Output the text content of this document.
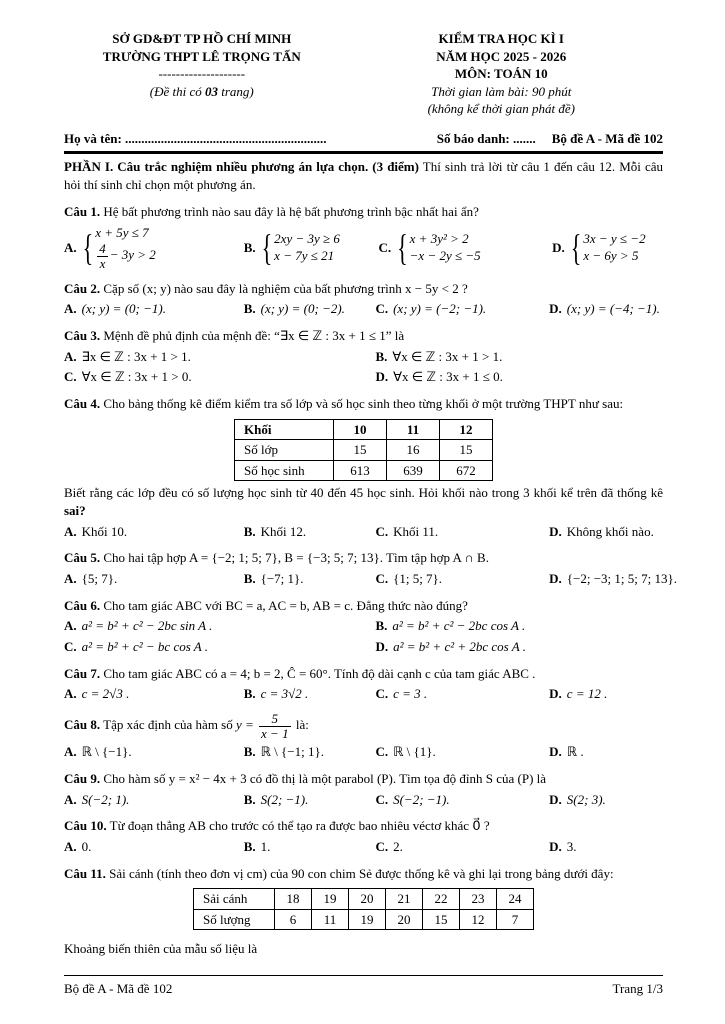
SỞ GD&ĐT TP HỒ CHÍ MINH
TRƯỜNG THPT LÊ TRỌNG TẤN
--------------------
(Đề thi có 03 trang)
KIỂM TRA HỌC KÌ I
NĂM HỌC 2025 - 2026
MÔN: TOÁN 10
Thời gian làm bài: 90 phút
(không kể thời gian phát đề)
Họ và tên: ..............................................................	Số báo danh: ....... Bộ đề A - Mã đề 102
PHẦN I. Câu trắc nghiệm nhiều phương án lựa chọn. (3 điểm) Thí sinh trả lời từ câu 1 đến câu 12. Mỗi câu hỏi thí sinh chỉ chọn một phương án.
Câu 1. Hệ bất phương trình nào sau đây là hệ bất phương trình bậc nhất hai ẩn?
A. { x + 5y ≤ 7
$\frac{4}{x} - 3y > 2$	B. { 2xy − 3y ≥ 6
x − 7y ≤ 21
C. { x + 3y² > 2
−x − 2y ≤ −5
D. { 3x − y ≤ −2
x − 6y > 5
Câu 2. Cặp số (x; y) nào sau đây là nghiệm của bất phương trình x − 5y < 2 ?
A. (x; y) = (0; −1).	B. (x; y) = (0; −2).	C. (x; y) = (−2; −1).	D. (x; y) = (−4; −1).
Câu 3. Mệnh đề phủ định của mệnh đề: “∃x ∈ ℤ : 3x + 1 ≤ 1” là
A. ∃x ∈ ℤ : 3x + 1 > 1.	B. ∀x ∈ ℤ : 3x + 1 > 1.
C. ∀x ∈ ℤ : 3x + 1 > 0.	D. ∀x ∈ ℤ : 3x + 1 ≤ 0.
Câu 4. Cho bảng thống kê điểm kiểm tra số lớp và số học sinh theo từng khối ở một trường THPT như sau:
Khối	10	11	12
Số lớp	15	16	15
Số học sinh	613	639	672
Biết rằng các lớp đều có số lượng học sinh từ 40 đến 45 học sinh. Hỏi khối nào trong 3 khối kể trên đã thống kê sai?
A. Khối 10.	B. Khối 12.	C. Khối 11.	D. Không khối nào.
Câu 5. Cho hai tập hợp A = {−2; 1; 5; 7}, B = {−3; 5; 7; 13}. Tìm tập hợp A ∩ B.
A. {5; 7}.	B. {−7; 1}.	C. {1; 5; 7}.	D. {−2; −3; 1; 5; 7; 13}.
Câu 6. Cho tam giác ABC với BC = a, AC = b, AB = c. Đẳng thức nào đúng?
A. a² = b² + c² − 2bc sin A .	B. a² = b² + c² − 2bc cos A .
C. a² = b² + c² − bc cos A .	D. a² = b² + c² + 2bc cos A .
Câu 7. Cho tam giác ABC có a = 4; b = 2, Ĉ = 60°. Tính độ dài cạnh c của tam giác ABC .
A. c = 2√3 .	B. c = 3√2 .	C. c = 3 .	D. c = 12 .
Câu 8. Tập xác định của hàm số $y = \frac{5}{x - 1}$ là:
A. ℝ \ {−1}.	B. ℝ \ {−1; 1}.	C. ℝ \ {1}.	D. ℝ .
Câu 9. Cho hàm số y = x² − 4x + 3 có đồ thị là một parabol (P). Tìm tọa độ đỉnh S của (P) là
A. S(−2; 1).	B. S(2; −1).	C. S(−2; −1).	D. S(2; 3).
Câu 10. Từ đoạn thẳng AB cho trước có thể tạo ra được bao nhiêu véctơ khác 0⃗ ?
A. 0.	B. 1.	C. 2.	D. 3.
Câu 11. Sải cánh (tính theo đơn vị cm) của 90 con chim Sẻ được thống kê và ghi lại trong bảng dưới đây:
Sải cánh	18	19	20	21	22	23	24
Số lượng	6	11	19	20	15	12	7
Khoảng biến thiên của mẫu số liệu là
Bộ đề A - Mã đề 102	Trang 1/3
